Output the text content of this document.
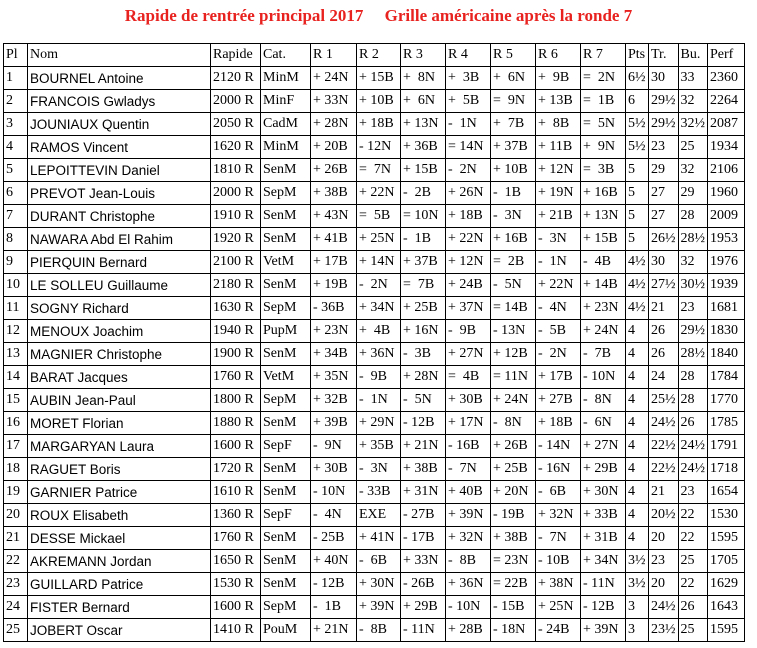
Rapide de rentrée principal 2017     Grille américaine après la ronde 7
Pl	Nom	Rapide	Cat.	R 1	R 2	R 3	R 4	R 5	R 6	R 7	Pts	Tr.	Bu.	Perf
1	BOURNEL Antoine	2120 R	MinM	+ 24N	+ 15B	+  8N	+  3B	+  6N	+  9B	=  2N	6½	30	33	2360
2	FRANCOIS Gwladys	2000 R	MinF	+ 33N	+ 10B	+  6N	+  5B	=  9N	+ 13B	=  1B	6	29½	32	2264
3	JOUNIAUX Quentin	2050 R	CadM	+ 28N	+ 18B	+ 13N	-  1N	+  7B	+  8B	=  5N	5½	29½	32½	2087
4	RAMOS Vincent	1620 R	MinM	+ 20B	- 12N	+ 36B	= 14N	+ 37B	+ 11B	+  9N	5½	23	25	1934
5	LEPOITTEVIN Daniel	1810 R	SenM	+ 26B	=  7N	+ 15B	-  2N	+ 10B	+ 12N	=  3B	5	29	32	2106
6	PREVOT Jean-Louis	2000 R	SepM	+ 38B	+ 22N	-  2B	+ 26N	-  1B	+ 19N	+ 16B	5	27	29	1960
7	DURANT Christophe	1910 R	SenM	+ 43N	=  5B	= 10N	+ 18B	-  3N	+ 21B	+ 13N	5	27	28	2009
8	NAWARA Abd El Rahim	1920 R	SenM	+ 41B	+ 25N	-  1B	+ 22N	+ 16B	-  3N	+ 15B	5	26½	28½	1953
9	PIERQUIN Bernard	2100 R	VetM	+ 17B	+ 14N	+ 37B	+ 12N	=  2B	-  1N	-  4B	4½	30	32	1976
10	LE SOLLEU Guillaume	2180 R	SenM	+ 19B	-  2N	=  7B	+ 24B	-  5N	+ 22N	+ 14B	4½	27½	30½	1939
11	SOGNY Richard	1630 R	SepM	- 36B	+ 34N	+ 25B	+ 37N	= 14B	-  4N	+ 23N	4½	21	23	1681
12	MENOUX Joachim	1940 R	PupM	+ 23N	+  4B	+ 16N	-  9B	- 13N	-  5B	+ 24N	4	26	29½	1830
13	MAGNIER Christophe	1900 R	SenM	+ 34B	+ 36N	-  3B	+ 27N	+ 12B	-  2N	-  7B	4	26	28½	1840
14	BARAT Jacques	1760 R	VetM	+ 35N	-  9B	+ 28N	=  4B	= 11N	+ 17B	- 10N	4	24	28	1784
15	AUBIN Jean-Paul	1800 R	SepM	+ 32B	-  1N	-  5N	+ 30B	+ 24N	+ 27B	-  8N	4	25½	28	1770
16	MORET Florian	1880 R	SenM	+ 39B	+ 29N	- 12B	+ 17N	-  8N	+ 18B	-  6N	4	24½	26	1785
17	MARGARYAN Laura	1600 R	SepF	-  9N	+ 35B	+ 21N	- 16B	+ 26B	- 14N	+ 27N	4	22½	24½	1791
18	RAGUET Boris	1720 R	SenM	+ 30B	-  3N	+ 38B	-  7N	+ 25B	- 16N	+ 29B	4	22½	24½	1718
19	GARNIER Patrice	1610 R	SenM	- 10N	- 33B	+ 31N	+ 40B	+ 20N	-  6B	+ 30N	4	21	23	1654
20	ROUX Elisabeth	1360 R	SepF	-  4N	EXE	- 27B	+ 39N	- 19B	+ 32N	+ 33B	4	20½	22	1530
21	DESSE Mickael	1760 R	SenM	- 25B	+ 41N	- 17B	+ 32N	+ 38B	-  7N	+ 31B	4	20	22	1595
22	AKREMANN Jordan	1650 R	SenM	+ 40N	-  6B	+ 33N	-  8B	= 23N	- 10B	+ 34N	3½	23	25	1705
23	GUILLARD Patrice	1530 R	SenM	- 12B	+ 30N	- 26B	+ 36N	= 22B	+ 38N	- 11N	3½	20	22	1629
24	FISTER Bernard	1600 R	SepM	-  1B	+ 39N	+ 29B	- 10N	- 15B	+ 25N	- 12B	3	24½	26	1643
25	JOBERT Oscar	1410 R	PouM	+ 21N	-  8B	- 11N	+ 28B	- 18N	- 24B	+ 39N	3	23½	25	1595
